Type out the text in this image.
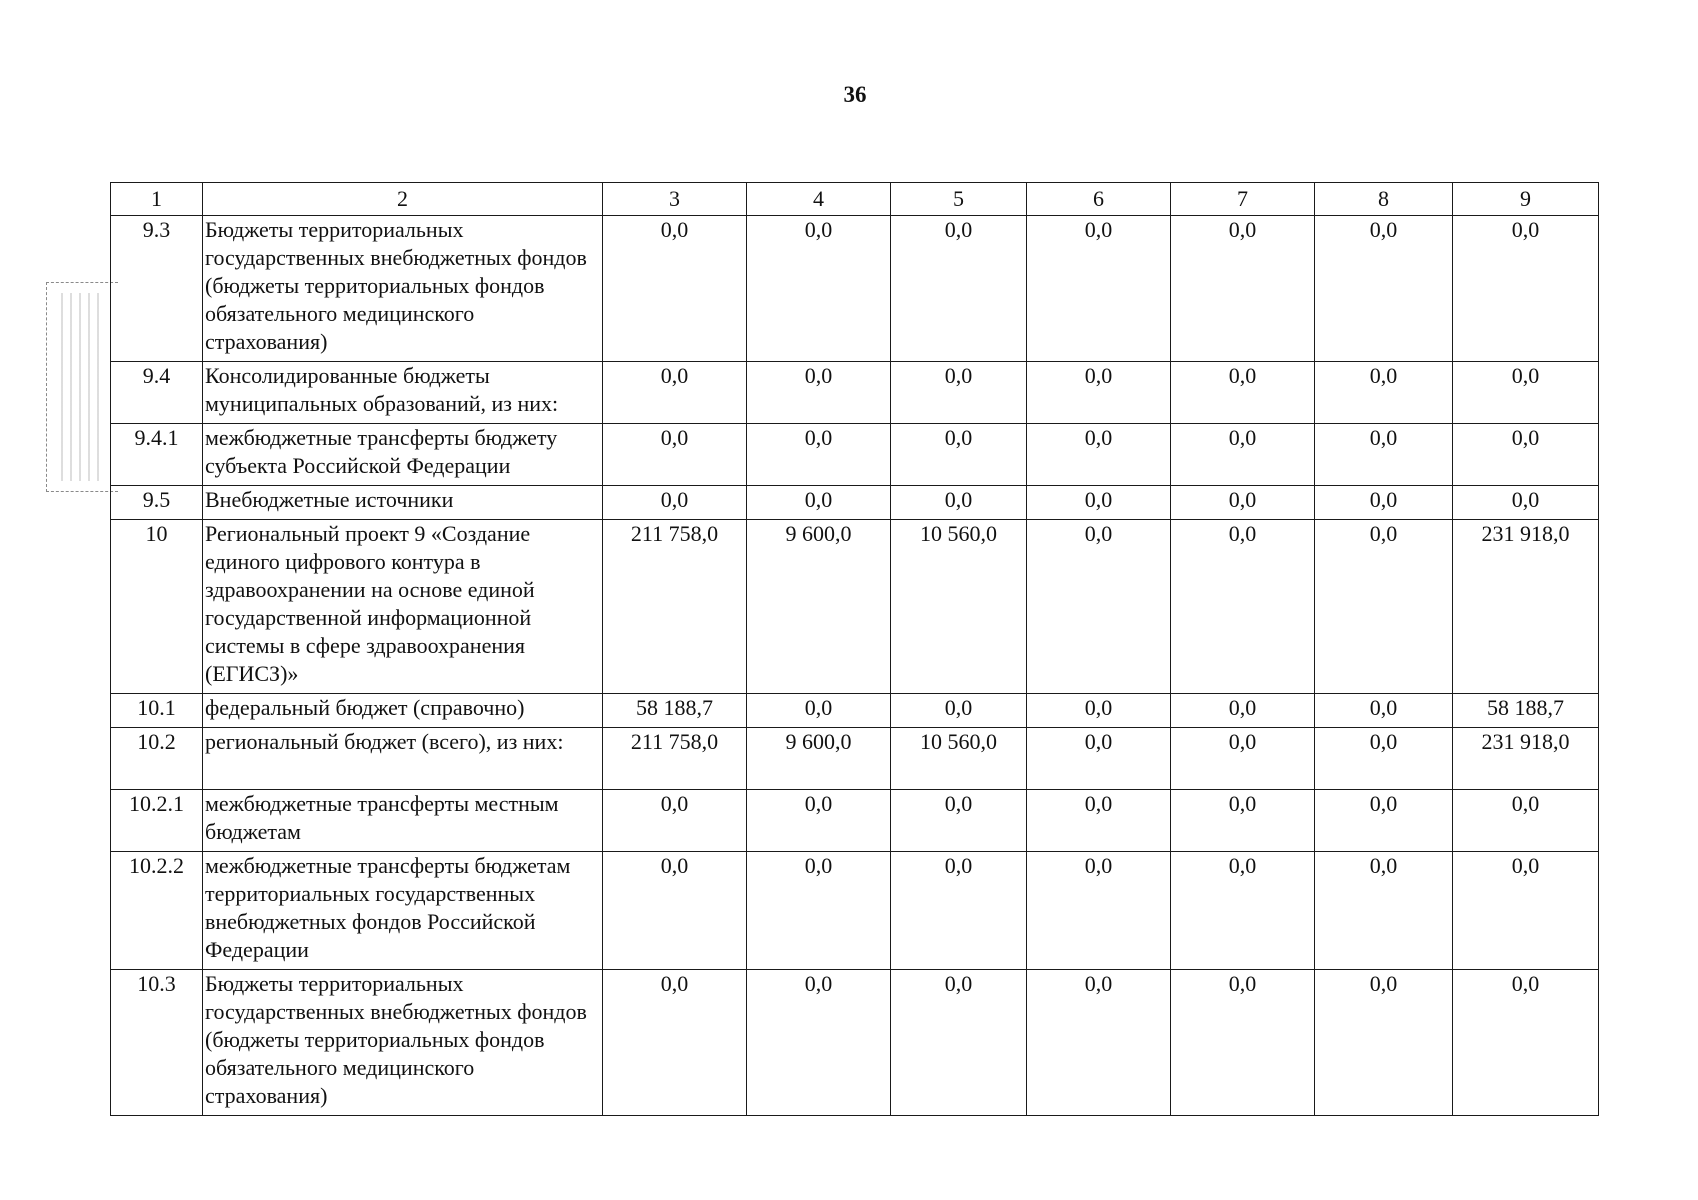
36
1	2	3	4	5	6	7	8	9
9.3	Бюджеты территориальных государственных внебюджетных фондов (бюджеты территориальных фондов обязательного медицинского страхования)	0,0	0,0	0,0	0,0	0,0	0,0	0,0
9.4	Консолидированные бюджеты муниципальных образований, из них:	0,0	0,0	0,0	0,0	0,0	0,0	0,0
9.4.1	межбюджетные трансферты бюджету субъекта Российской Федерации	0,0	0,0	0,0	0,0	0,0	0,0	0,0
9.5	Внебюджетные источники	0,0	0,0	0,0	0,0	0,0	0,0	0,0
10	Региональный проект 9 «Создание единого цифрового контура в здравоохранении на основе единой государственной информационной системы в сфере здравоохранения (ЕГИСЗ)»	211 758,0	9 600,0	10 560,0	0,0	0,0	0,0	231 918,0
10.1	федеральный бюджет (справочно)	58 188,7	0,0	0,0	0,0	0,0	0,0	58 188,7
10.2	региональный бюджет (всего), из них:	211 758,0	9 600,0	10 560,0	0,0	0,0	0,0	231 918,0
10.2.1	межбюджетные трансферты местным бюджетам	0,0	0,0	0,0	0,0	0,0	0,0	0,0
10.2.2	межбюджетные трансферты бюджетам территориальных государственных внебюджетных фондов Российской Федерации	0,0	0,0	0,0	0,0	0,0	0,0	0,0
10.3	Бюджеты территориальных государственных внебюджетных фондов (бюджеты территориальных фондов обязательного медицинского страхования)	0,0	0,0	0,0	0,0	0,0	0,0	0,0
